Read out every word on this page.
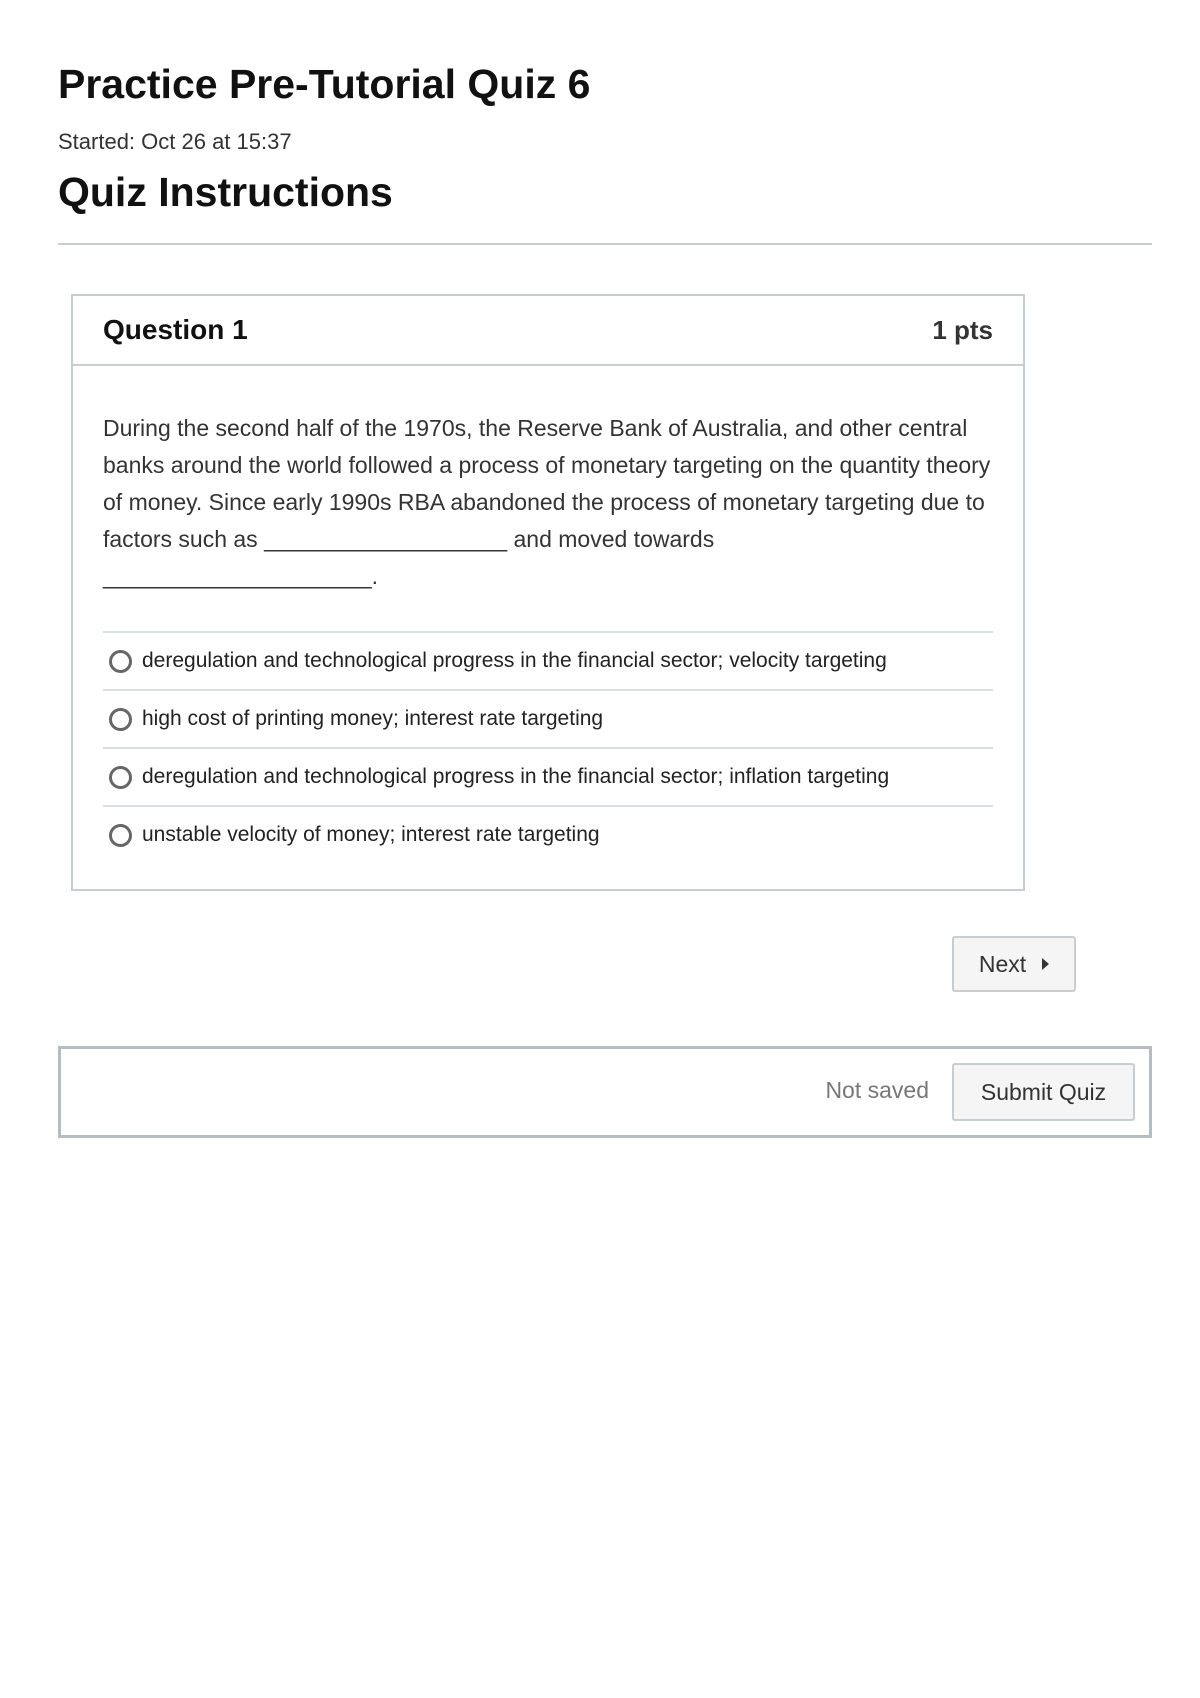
Practice Pre-Tutorial Quiz 6
Started: Oct 26 at 15:37
Quiz Instructions
Question 1	1 pts

During the second half of the 1970s, the Reserve Bank of Australia, and other central banks around the world followed a process of monetary targeting on the quantity theory of money. Since early 1990s RBA abandoned the process of monetary targeting due to factors such as ___________________ and moved towards _____________________.

deregulation and technological progress in the financial sector; velocity targeting
high cost of printing money; interest rate targeting
deregulation and technological progress in the financial sector; inflation targeting
unstable velocity of money; interest rate targeting
Next
Not saved	Submit Quiz
